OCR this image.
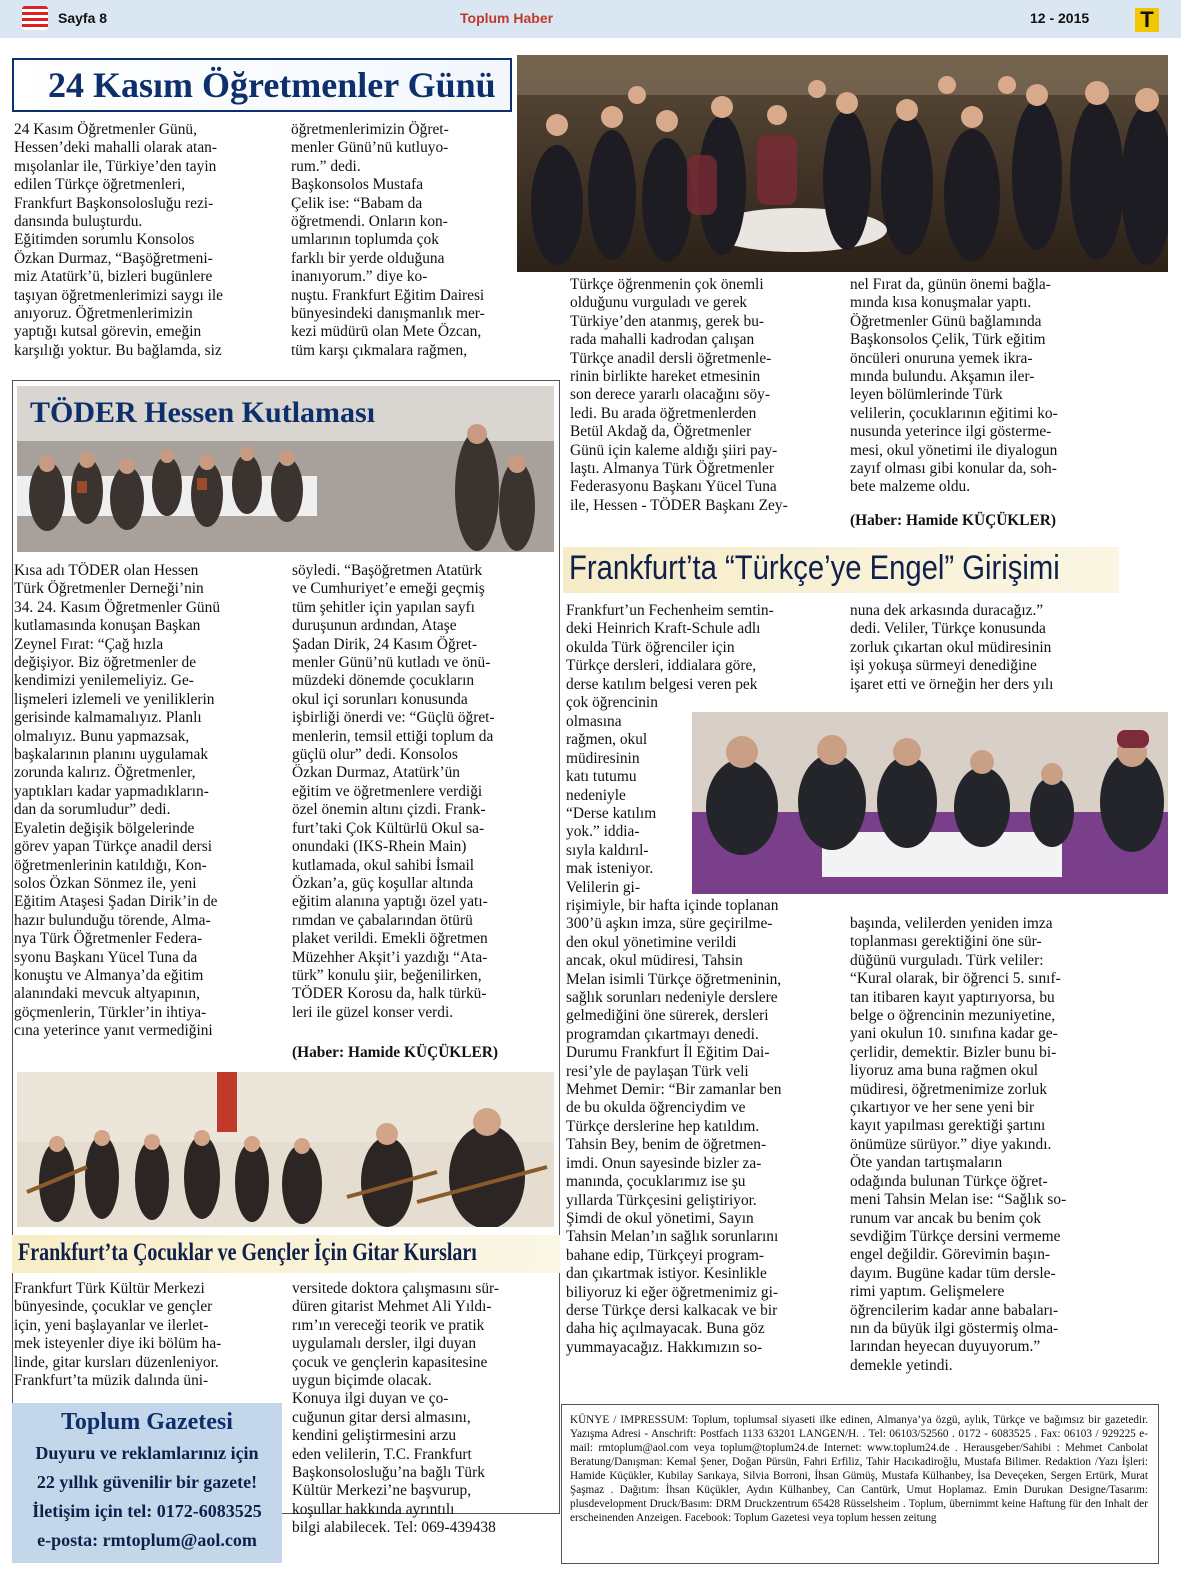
Sayfa 8	Toplum Haber	12 - 2015 T
24 Kasım Öğretmenler Günü
24 Kasım Öğretmenler Günü,
Hessen’deki mahalli olarak atan-
mışolanlar ile, Türkiye’den tayin
edilen Türkçe öğretmenleri,
Frankfurt Başkonsolosluğu rezi-
dansında buluşturdu.
Eğitimden sorumlu Konsolos
Özkan Durmaz, “Başöğretmeni-
miz Atatürk’ü, bizleri bugünlere
taşıyan öğretmenlerimizi saygı ile
anıyoruz. Öğretmenlerimizin
yaptığı kutsal görevin, emeğin
karşılığı yoktur. Bu bağlamda, siz
öğretmenlerimizin Öğret-
menler Günü’nü kutluyo-
rum.” dedi.
Başkonsolos Mustafa
Çelik ise: “Babam da
öğretmendi. Onların kon-
umlarının toplumda çok
farklı bir yerde olduğuna
inanıyorum.” diye ko-
nuştu. Frankfurt Eğitim Dairesi
bünyesindeki danışmanlık mer-
kezi müdürü olan Mete Özcan,
tüm karşı çıkmalara rağmen,
Türkçe öğrenmenin çok önemli
olduğunu vurguladı ve gerek
Türkiye’den atanmış, gerek bu-
rada mahalli kadrodan çalışan
Türkçe anadil dersli öğretmenle-
rinin birlikte hareket etmesinin
son derece yararlı olacağını söy-
ledi. Bu arada öğretmenlerden
Betül Akdağ da, Öğretmenler
Günü için kaleme aldığı şiiri pay-
laştı. Almanya Türk Öğretmenler
Federasyonu Başkanı Yücel Tuna
ile, Hessen - TÖDER Başkanı Zey-
nel Fırat da, günün önemi bağla-
mında kısa konuşmalar yaptı.
Öğretmenler Günü bağlamında
Başkonsolos Çelik, Türk eğitim
öncüleri onuruna yemek ikra-
mında bulundu. Akşamın iler-
leyen bölümlerinde Türk
velilerin, çocuklarının eğitimi ko-
nusunda yeterince ilgi gösterme-
mesi, okul yönetimi ile diyalogun
zayıf olması gibi konular da, soh-
bete malzeme oldu.
(Haber: Hamide KÜÇÜKLER)
TÖDER Hessen Kutlaması
Kısa adı TÖDER olan Hessen
Türk Öğretmenler Derneği’nin
34. 24. Kasım Öğretmenler Günü
kutlamasında konuşan Başkan
Zeynel Fırat: “Çağ hızla
değişiyor. Biz öğretmenler de
kendimizi yenilemeliyiz. Ge-
lişmeleri izlemeli ve yeniliklerin
gerisinde kalmamalıyız. Planlı
olmalıyız. Bunu yapmazsak,
başkalarının planını uygulamak
zorunda kalırız. Öğretmenler,
yaptıkları kadar yapmadıkların-
dan da sorumludur” dedi.
Eyaletin değişik bölgelerinde
görev yapan Türkçe anadil dersi
öğretmenlerinin katıldığı, Kon-
solos Özkan Sönmez ile, yeni
Eğitim Ataşesi Şadan Dirik’in de
hazır bulunduğu törende, Alma-
nya Türk Öğretmenler Federa-
syonu Başkanı Yücel Tuna da
konuştu ve Almanya’da eğitim
alanındaki mevcuk altyapının,
göçmenlerin, Türkler’in ihtiya-
cına yeterince yanıt vermediğini
söyledi. “Başöğretmen Atatürk
ve Cumhuriyet’e emeği geçmiş
tüm şehitler için yapılan sayfı
duruşunun ardından, Ataşe
Şadan Dirik, 24 Kasım Öğret-
menler Günü’nü kutladı ve önü-
müzdeki dönemde çocukların
okul içi sorunları konusunda
işbirliği önerdi ve: “Güçlü öğret-
menlerin, temsil ettiği toplum da
güçlü olur” dedi. Konsolos
Özkan Durmaz, Atatürk’ün
eğitim ve öğretmenlere verdiği
özel önemin altını çizdi. Frank-
furt’taki Çok Kültürlü Okul sa-
onundaki (IKS-Rhein Main)
kutlamada, okul sahibi İsmail
Özkan’a, güç koşullar altında
eğitim alanına yaptığı özel yatı-
rımdan ve çabalarından ötürü
plaket verildi. Emekli öğretmen
Müzehher Akşit’i yazdığı “Ata-
türk” konulu şiir, beğenilirken,
TÖDER Korosu da, halk türkü-
leri ile güzel konser verdi.
(Haber: Hamide KÜÇÜKLER)
Frankfurt’ta “Türkçe’ye Engel” Girişimi
Frankfurt’un Fechenheim semtin-
deki Heinrich Kraft-Schule adlı
okulda Türk öğrenciler için
Türkçe dersleri, iddialara göre,
derse katılım belgesi veren pek
çok öğrencinin
olmasına
rağmen, okul
müdiresinin
katı tutumu
nedeniyle
“Derse katılım
yok.” iddia-
sıyla kaldırıl-
mak isteniyor.
Velilerin gi-
rişimiyle, bir hafta içinde toplanan
300’ü aşkın imza, süre geçirilme-
den okul yönetimine verildi
ancak, okul müdiresi, Tahsin
Melan isimli Türkçe öğretmeninin,
sağlık sorunları nedeniyle derslere
gelmediğini öne sürerek, dersleri
programdan çıkartmayı denedi.
Durumu Frankfurt İl Eğitim Dai-
resi’yle de paylaşan Türk veli
Mehmet Demir: “Bir zamanlar ben
de bu okulda öğrenciydim ve
Türkçe derslerine hep katıldım.
Tahsin Bey, benim de öğretmen-
imdi. Onun sayesinde bizler za-
manında, çocuklarımız ise şu
yıllarda Türkçesini geliştiriyor.
Şimdi de okul yönetimi, Sayın
Tahsin Melan’ın sağlık sorunlarını
bahane edip, Türkçeyi program-
dan çıkartmak istiyor. Kesinlikle
biliyoruz ki eğer öğretmenimiz gi-
derse Türkçe dersi kalkacak ve bir
daha hiç açılmayacak. Buna göz
yummayacağız. Hakkımızın so-
nuna dek arkasında duracağız.”
dedi. Veliler, Türkçe konusunda
zorluk çıkartan okul müdiresinin
işi yokuşa sürmeyi denediğine
işaret etti ve örneğin her ders yılı
başında, velilerden yeniden imza
toplanması gerektiğini öne sür-
düğünü vurguladı. Türk veliler:
“Kural olarak, bir öğrenci 5. sınıf-
tan itibaren kayıt yaptırıyorsa, bu
belge o öğrencinin mezuniyetine,
yani okulun 10. sınıfına kadar ge-
çerlidir, demektir. Bizler bunu bi-
liyoruz ama buna rağmen okul
müdiresi, öğretmenimize zorluk
çıkartıyor ve her sene yeni bir
kayıt yapılması gerektiği şartını
önümüze sürüyor.” diye yakındı.
Öte yandan tartışmaların
odağında bulunan Türkçe öğret-
meni Tahsin Melan ise: “Sağlık so-
runum var ancak bu benim çok
sevdiğim Türkçe dersini vermeme
engel değildir. Görevimin başın-
dayım. Bugüne kadar tüm dersle-
rimi yaptım. Gelişmelere
öğrencilerim kadar anne babaları-
nın da büyük ilgi göstermiş olma-
larından heyecan duyuyorum.”
demekle yetindi.
Frankfurt’ta Çocuklar ve Gençler İçin Gitar Kursları
Frankfurt Türk Kültür Merkezi
bünyesinde, çocuklar ve gençler
için, yeni başlayanlar ve ilerlet-
mek isteyenler diye iki bölüm ha-
linde, gitar kursları düzenleniyor.
Frankfurt’ta müzik dalında üni-
versitede doktora çalışmasını sür-
düren gitarist Mehmet Ali Yıldı-
rım’ın vereceği teorik ve pratik
uygulamalı dersler, ilgi duyan
çocuk ve gençlerin kapasitesine
uygun biçimde olacak.
Konuya ilgi duyan ve ço-
cuğunun gitar dersi almasını,
kendini geliştirmesini arzu
eden velilerin, T.C. Frankfurt
Başkonsolosluğu’na bağlı Türk
Kültür Merkezi’ne başvurup,
koşullar hakkında ayrıntılı
bilgi alabilecek. Tel: 069-439438
Toplum Gazetesi
Duyuru ve reklamlarınız için
22 yıllık güvenilir bir gazete!
İletişim için tel: 0172-6083525
e-posta: rmtoplum@aol.com
KÜNYE / IMPRESSUM: Toplum, toplumsal siyaseti ilke edinen, Almanya’ya özgü, aylık, Türkçe ve bağımsız bir gazetedir. Yazışma Adresi - Anschrift: Postfach 1133 63201 LANGEN/H. . Tel: 06103/52560 . 0172 - 6083525 . Fax: 06103 / 929225 e-mail: rmtoplum@aol.com veya toplum@toplum24.de Internet: www.toplum24.de . Herausgeber/Sahibi : Mehmet Canbolat Beratung/Danışman: Kemal Şener, Doğan Pürsün, Fahri Erfiliz, Tahir Hacıkadiroğlu, Mustafa Bilimer. Redaktion /Yazı İşleri: Hamide Küçükler, Kubilay Sarıkaya, Silvia Borroni, İhsan Gümüş, Mustafa Külhanbey, İsa Deveçeken, Sergen Ertürk, Murat Şaşmaz . Dağıtım: İhsan Küçükler, Aydın Külhanbey, Can Cantürk, Umut Hoplamaz. Emin Durukan Designe/Tasarım: plusdevelopment Druck/Basım: DRM Druckzentrum 65428 Rüsselsheim . Toplum, übernimmt keine Haftung für den Inhalt der erscheinenden Anzeigen. Facebook: Toplum Gazetesi veya toplum hessen zeitung
